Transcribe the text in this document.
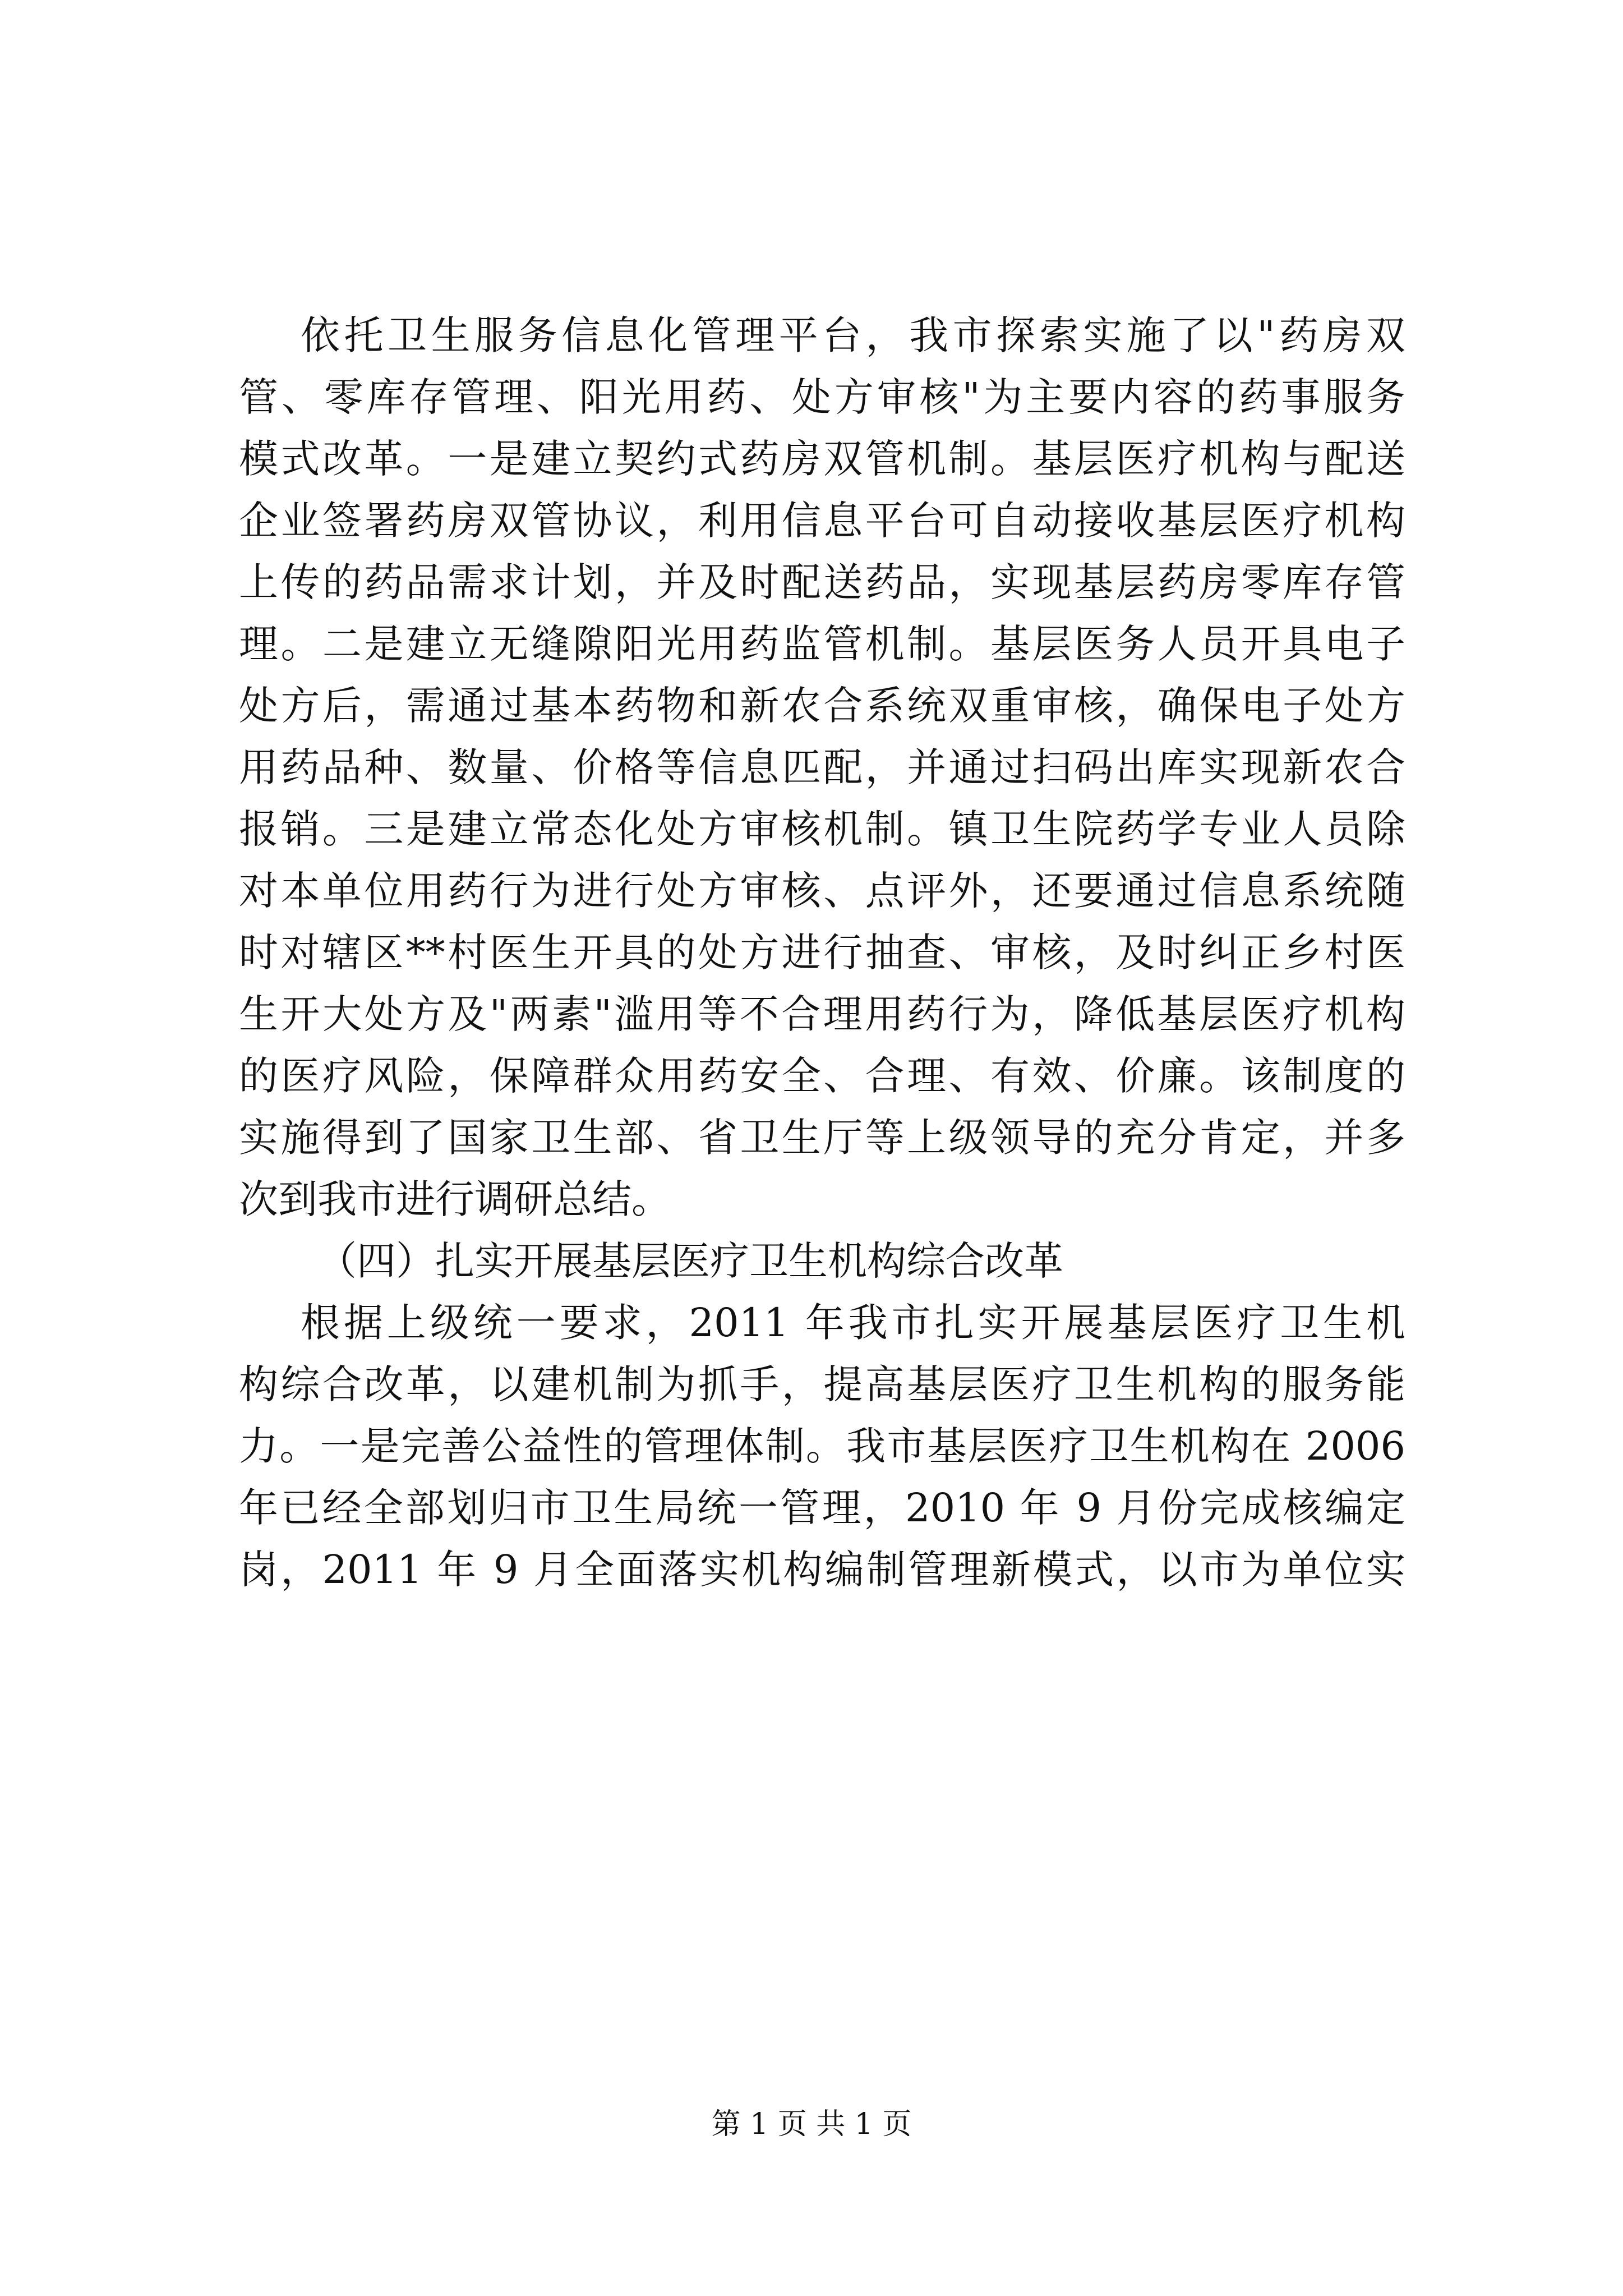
依托卫生服务信息化管理平台，我市探索实施了以"药房双
管、零库存管理、阳光用药、处方审核"为主要内容的药事服务
模式改革。一是建立契约式药房双管机制。基层医疗机构与配送
企业签署药房双管协议，利用信息平台可自动接收基层医疗机构
上传的药品需求计划，并及时配送药品，实现基层药房零库存管
理。二是建立无缝隙阳光用药监管机制。基层医务人员开具电子
处方后，需通过基本药物和新农合系统双重审核，确保电子处方
用药品种、数量、价格等信息匹配，并通过扫码出库实现新农合
报销。三是建立常态化处方审核机制。镇卫生院药学专业人员除
对本单位用药行为进行处方审核、点评外，还要通过信息系统随
时对辖区**村医生开具的处方进行抽查、审核，及时纠正乡村医
生开大处方及"两素"滥用等不合理用药行为，降低基层医疗机构
的医疗风险，保障群众用药安全、合理、有效、价廉。该制度的
实施得到了国家卫生部、省卫生厅等上级领导的充分肯定，并多
次到我市进行调研总结。
（四）扎实开展基层医疗卫生机构综合改革
根据上级统一要求，2011 年我市扎实开展基层医疗卫生机
构综合改革，以建机制为抓手，提高基层医疗卫生机构的服务能
力。一是完善公益性的管理体制。我市基层医疗卫生机构在 2006
年已经全部划归市卫生局统一管理，2010 年 9 月份完成核编定
岗，2011 年 9 月全面落实机构编制管理新模式，以市为单位实
第 1 页 共 1 页
